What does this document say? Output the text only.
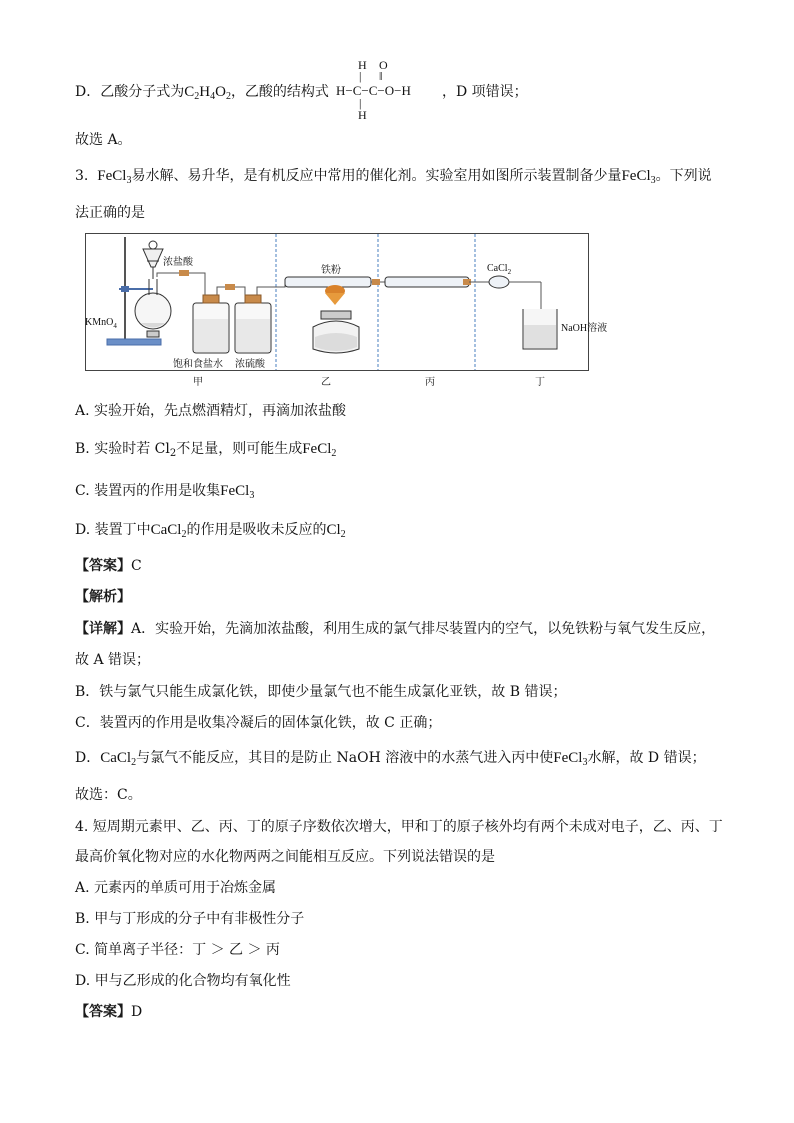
D．乙酸分子式为$C_2H_4O_2$，乙酸的结构式
H O
| ‖
H−C−C−O−H
|
H
，D 项错误；
故选 A。
3. FeCl$_3$易水解、易升华，是有机反应中常用的催化剂。实验室用如图所示装置制备少量FeCl$_3$。下列说
法正确的是
浓盐酸
KMnO$_4$
铁粉	CaCl$_2$
NaOH溶液
饱和食盐水 浓硫酸
甲	乙	丙	丁
A. 实验开始，先点燃酒精灯，再滴加浓盐酸
B. 实验时若 $Cl_2$不足量，则可能生成FeCl$_2$
C. 装置丙的作用是收集FeCl$_3$
D. 装置丁中CaCl$_2$的作用是吸收未反应的$Cl_2$
【答案】C
【解析】
【详解】A．实验开始，先滴加浓盐酸，利用生成的氯气排尽装置内的空气，以免铁粉与氧气发生反应，
故 A 错误；
B．铁与氯气只能生成氯化铁，即使少量氯气也不能生成氯化亚铁，故 B 错误；
C．装置丙的作用是收集冷凝后的固体氯化铁，故 C 正确；
D．CaCl$_2$与氯气不能反应，其目的是防止 NaOH 溶液中的水蒸气进入丙中使FeCl$_3$水解，故 D 错误；
故选：C。
4. 短周期元素甲、乙、丙、丁的原子序数依次增大，甲和丁的原子核外均有两个未成对电子，乙、丙、丁
最高价氧化物对应的水化物两两之间能相互反应。下列说法错误的是
A. 元素丙的单质可用于冶炼金属
B. 甲与丁形成的分子中有非极性分子
C. 简单离子半径：丁 ＞ 乙 ＞ 丙
D. 甲与乙形成的化合物均有氧化性
【答案】D
